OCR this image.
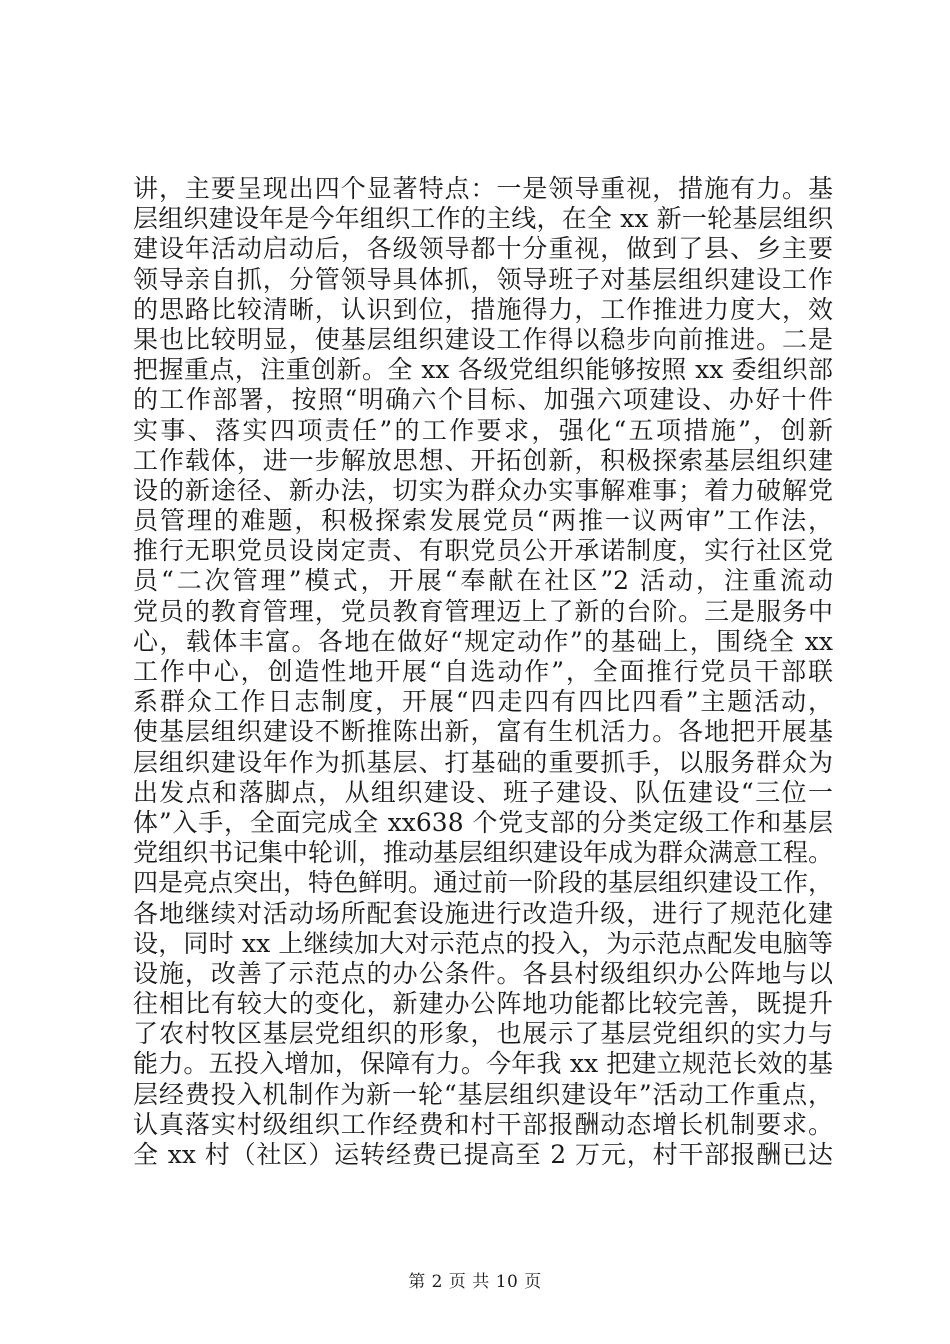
讲，主要呈现出四个显著特点：一是领导重视，措施有力。基
层组织建设年是今年组织工作的主线，在全 xx 新一轮基层组织
建设年活动启动后，各级领导都十分重视，做到了县、乡主要
领导亲自抓，分管领导具体抓，领导班子对基层组织建设工作
的思路比较清晰，认识到位，措施得力，工作推进力度大，效
果也比较明显，使基层组织建设工作得以稳步向前推进。二是
把握重点，注重创新。全 xx 各级党组织能够按照 xx 委组织部
的工作部署，按照“明确六个目标、加强六项建设、办好十件
实事、落实四项责任”的工作要求，强化“五项措施”，创新
工作载体，进一步解放思想、开拓创新，积极探索基层组织建
设的新途径、新办法，切实为群众办实事解难事；着力破解党
员管理的难题，积极探索发展党员“两推一议两审”工作法，
推行无职党员设岗定责、有职党员公开承诺制度，实行社区党
员“二次管理”模式，开展“奉献在社区”2 活动，注重流动
党员的教育管理，党员教育管理迈上了新的台阶。三是服务中
心，载体丰富。各地在做好“规定动作”的基础上，围绕全 xx
工作中心，创造性地开展“自选动作”，全面推行党员干部联
系群众工作日志制度，开展“四走四有四比四看”主题活动，
使基层组织建设不断推陈出新，富有生机活力。各地把开展基
层组织建设年作为抓基层、打基础的重要抓手，以服务群众为
出发点和落脚点，从组织建设、班子建设、队伍建设“三位一
体”入手，全面完成全 xx638 个党支部的分类定级工作和基层
党组织书记集中轮训，推动基层组织建设年成为群众满意工程。
四是亮点突出，特色鲜明。通过前一阶段的基层组织建设工作，
各地继续对活动场所配套设施进行改造升级，进行了规范化建
设，同时 xx 上继续加大对示范点的投入，为示范点配发电脑等
设施，改善了示范点的办公条件。各县村级组织办公阵地与以
往相比有较大的变化，新建办公阵地功能都比较完善，既提升
了农村牧区基层党组织的形象，也展示了基层党组织的实力与
能力。五投入增加，保障有力。今年我 xx 把建立规范长效的基
层经费投入机制作为新一轮“基层组织建设年”活动工作重点，
认真落实村级组织工作经费和村干部报酬动态增长机制要求。
全 xx 村（社区）运转经费已提高至 2 万元，村干部报酬已达
第 2 页 共 10 页
